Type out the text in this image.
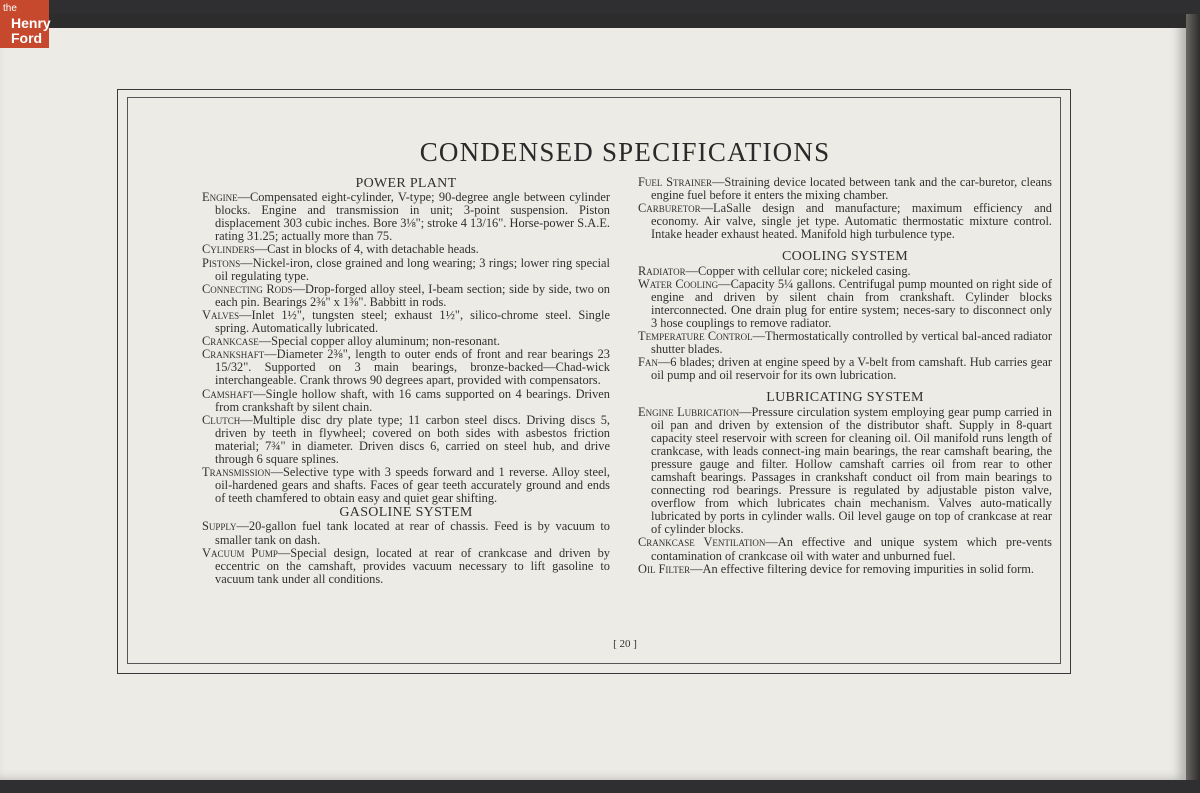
the
Henry
Ford
CONDENSED SPECIFICATIONS
POWER PLANT

Engine—Compensated eight-cylinder, V-type; 90-degree angle between cylinder blocks. Engine and transmission in unit; 3-point suspension. Piston displacement 303 cubic inches. Bore 3⅛"; stroke 4 13/16". Horse-power S.A.E. rating 31.25; actually more than 75.

Cylinders—Cast in blocks of 4, with detachable heads.

Pistons—Nickel-iron, close grained and long wearing; 3 rings; lower ring special oil regulating type.

Connecting Rods—Drop-forged alloy steel, I-beam section; side by side, two on each pin. Bearings 2⅜" x 1⅜". Babbitt in rods.

Valves—Inlet 1½", tungsten steel; exhaust 1½", silico-chrome steel. Single spring. Automatically lubricated.

Crankcase—Special copper alloy aluminum; non-resonant.

Crankshaft—Diameter 2⅜", length to outer ends of front and rear bearings 23 15/32". Supported on 3 main bearings, bronze-backed—Chad-wick interchangeable. Crank throws 90 degrees apart, provided with compensators.

Camshaft—Single hollow shaft, with 16 cams supported on 4 bearings. Driven from crankshaft by silent chain.

Clutch—Multiple disc dry plate type; 11 carbon steel discs. Driving discs 5, driven by teeth in flywheel; covered on both sides with asbestos friction material; 7¾" in diameter. Driven discs 6, carried on steel hub, and drive through 6 square splines.

Transmission—Selective type with 3 speeds forward and 1 reverse. Alloy steel, oil-hardened gears and shafts. Faces of gear teeth accurately ground and ends of teeth chamfered to obtain easy and quiet gear shifting.

GASOLINE SYSTEM

Supply—20-gallon fuel tank located at rear of chassis. Feed is by vacuum to smaller tank on dash.

Vacuum Pump—Special design, located at rear of crankcase and driven by eccentric on the camshaft, provides vacuum necessary to lift gasoline to vacuum tank under all conditions.

Fuel Strainer—Straining device located between tank and the car-buretor, cleans engine fuel before it enters the mixing chamber.

Carburetor—LaSalle design and manufacture; maximum efficiency and economy. Air valve, single jet type. Automatic thermostatic mixture control. Intake header exhaust heated. Manifold high turbulence type.

COOLING SYSTEM

Radiator—Copper with cellular core; nickeled casing.

Water Cooling—Capacity 5¼ gallons. Centrifugal pump mounted on right side of engine and driven by silent chain from crankshaft. Cylinder blocks interconnected. One drain plug for entire system; neces-sary to disconnect only 3 hose couplings to remove radiator.

Temperature Control—Thermostatically controlled by vertical bal-anced radiator shutter blades.

Fan—6 blades; driven at engine speed by a V-belt from camshaft. Hub carries gear oil pump and oil reservoir for its own lubrication.

LUBRICATING SYSTEM

Engine Lubrication—Pressure circulation system employing gear pump carried in oil pan and driven by extension of the distributor shaft. Supply in 8-quart capacity steel reservoir with screen for cleaning oil. Oil manifold runs length of crankcase, with leads connect-ing main bearings, the rear camshaft bearing, the pressure gauge and filter. Hollow camshaft carries oil from rear to other camshaft bearings. Passages in crankshaft conduct oil from main bearings to connecting rod bearings. Pressure is regulated by adjustable piston valve, overflow from which lubricates chain mechanism. Valves auto-matically lubricated by ports in cylinder walls. Oil level gauge on top of crankcase at rear of cylinder blocks.

Crankcase Ventilation—An effective and unique system which pre-vents contamination of crankcase oil with water and unburned fuel.

Oil Filter—An effective filtering device for removing impurities in solid form.

[ 20 ]
